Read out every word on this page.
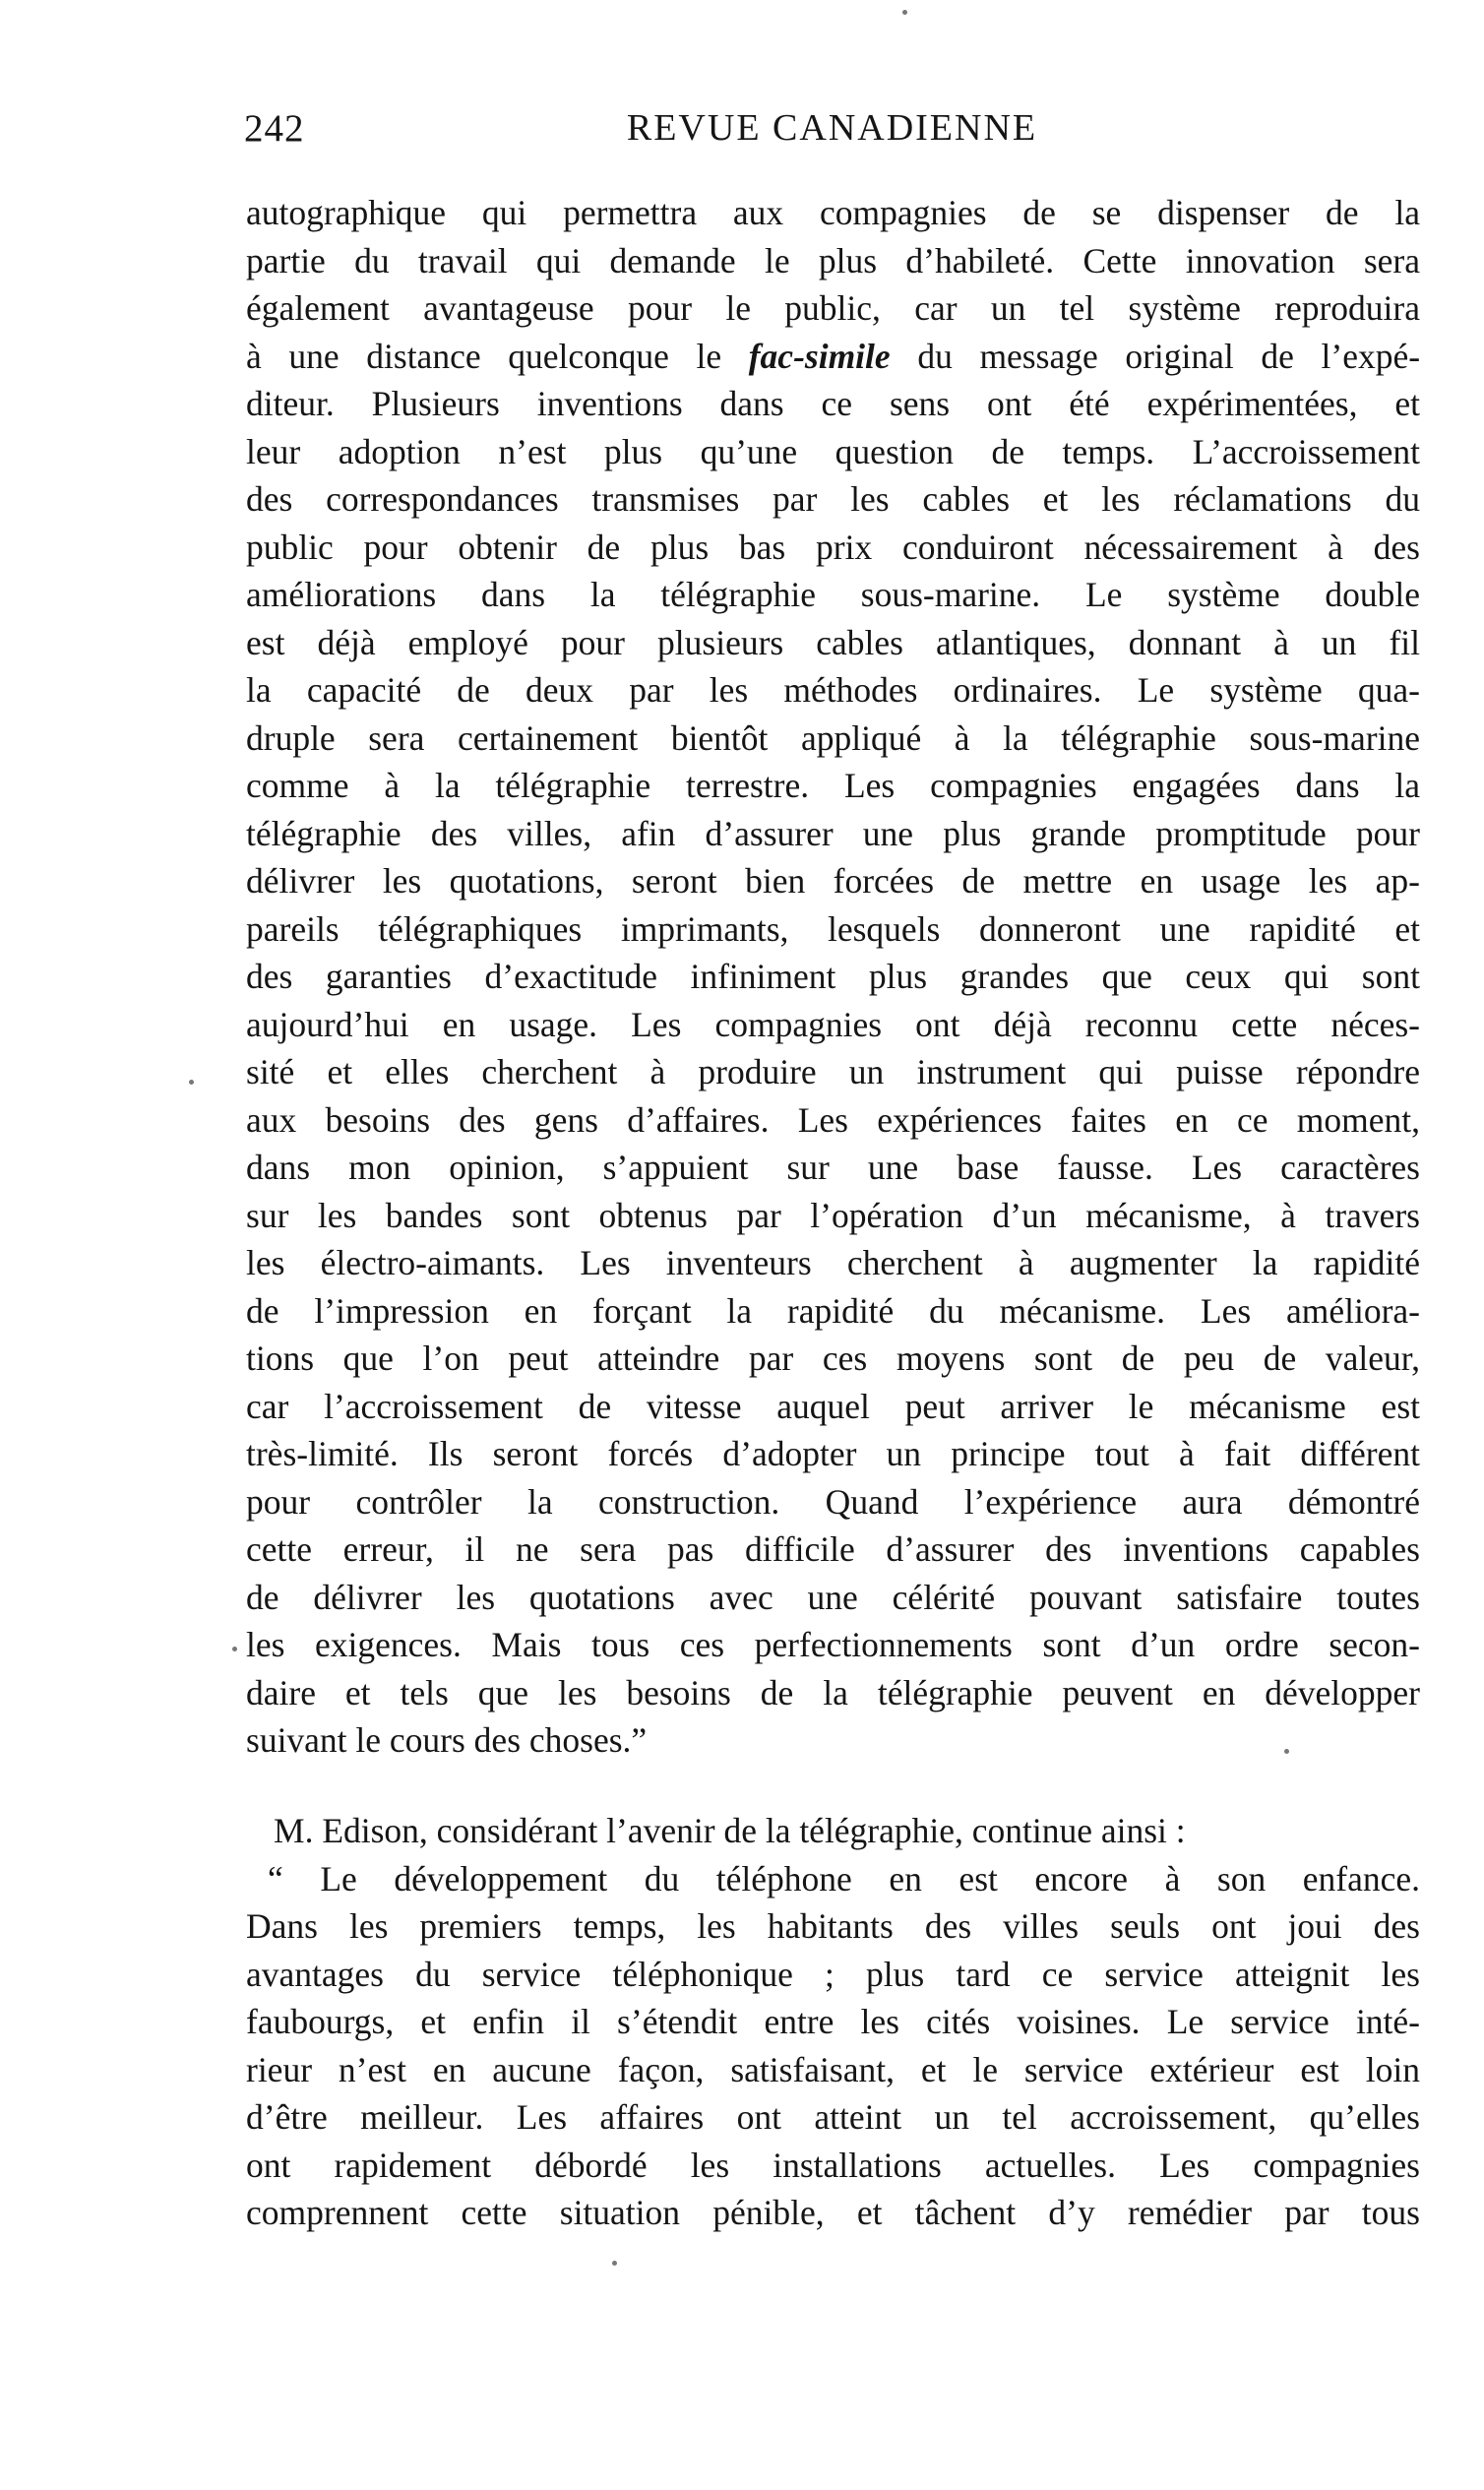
242	REVUE CANADIENNE
autographique qui permettra aux compagnies de se dispenser de la
partie du travail qui demande le plus d’habileté. Cette innovation sera
également avantageuse pour le public, car un tel système reproduira
à une distance quelconque le fac-simile du message original de l’expé-
diteur. Plusieurs inventions dans ce sens ont été expérimentées, et
leur adoption n’est plus qu’une question de temps. L’accroissement
des correspondances transmises par les cables et les réclamations du
public pour obtenir de plus bas prix conduiront nécessairement à des
améliorations dans la télégraphie sous-marine. Le système double
est déjà employé pour plusieurs cables atlantiques, donnant à un fil
la capacité de deux par les méthodes ordinaires. Le système qua-
druple sera certainement bientôt appliqué à la télégraphie sous-marine
comme à la télégraphie terrestre. Les compagnies engagées dans la
télégraphie des villes, afin d’assurer une plus grande promptitude pour
délivrer les quotations, seront bien forcées de mettre en usage les ap-
pareils télégraphiques imprimants, lesquels donneront une rapidité et
des garanties d’exactitude infiniment plus grandes que ceux qui sont
aujourd’hui en usage. Les compagnies ont déjà reconnu cette néces-
sité et elles cherchent à produire un instrument qui puisse répondre
aux besoins des gens d’affaires. Les expériences faites en ce moment,
dans mon opinion, s’appuient sur une base fausse. Les caractères
sur les bandes sont obtenus par l’opération d’un mécanisme, à travers
les électro-aimants. Les inventeurs cherchent à augmenter la rapidité
de l’impression en forçant la rapidité du mécanisme. Les améliora-
tions que l’on peut atteindre par ces moyens sont de peu de valeur,
car l’accroissement de vitesse auquel peut arriver le mécanisme est
très-limité. Ils seront forcés d’adopter un principe tout à fait différent
pour contrôler la construction. Quand l’expérience aura démontré
cette erreur, il ne sera pas difficile d’assurer des inventions capables
de délivrer les quotations avec une célérité pouvant satisfaire toutes
les exigences. Mais tous ces perfectionnements sont d’un ordre secon-
daire et tels que les besoins de la télégraphie peuvent en développer
suivant le cours des choses.”
M. Edison, considérant l’avenir de la télégraphie, continue ainsi :
“ Le développement du téléphone en est encore à son enfance.
Dans les premiers temps, les habitants des villes seuls ont joui des
avantages du service téléphonique ; plus tard ce service atteignit les
faubourgs, et enfin il s’étendit entre les cités voisines. Le service inté-
rieur n’est en aucune façon, satisfaisant, et le service extérieur est loin
d’être meilleur. Les affaires ont atteint un tel accroissement, qu’elles
ont rapidement débordé les installations actuelles. Les compagnies
comprennent cette situation pénible, et tâchent d’y remédier par tous
